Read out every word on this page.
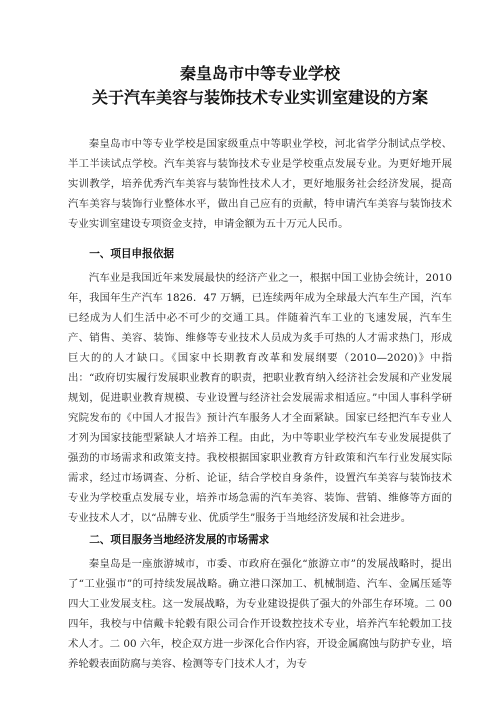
秦皇岛市中等专业学校
关于汽车美容与装饰技术专业实训室建设的方案

秦皇岛市中等专业学校是国家级重点中等职业学校，河北省学分制试点学校、半工半读试点学校。汽车美容与装饰技术专业是学校重点发展专业。为更好地开展实训教学，培养优秀汽车美容与装饰性技术人才，更好地服务社会经济发展，提高汽车美容与装饰行业整体水平，做出自己应有的贡献，特申请汽车美容与装饰技术专业实训室建设专项资金支持，申请金额为五十万元人民币。

一、项目申报依据

汽车业是我国近年来发展最快的经济产业之一，根据中国工业协会统计，2010 年，我国年生产汽车 1826．47 万辆，已连续两年成为全球最大汽车生产国，汽车已经成为人们生活中必不可少的交通工具。伴随着汽车工业的飞速发展，汽车生产、销售、美容、装饰、维修等专业技术人员成为炙手可热的人才需求热门，形成巨大的的人才缺口。《国家中长期教育改革和发展纲要（2010—2020)》中指出：“政府切实履行发展职业教育的职责，把职业教育纳入经济社会发展和产业发展规划，促进职业教育规模、专业设置与经济社会发展需求相适应。”中国人事科学研究院发布的《中国人才报告》预计汽车服务人才全面紧缺。国家已经把汽车专业人才列为国家技能型紧缺人才培养工程。由此，为中等职业学校汽车专业发展提供了强劲的市场需求和政策支持。我校根据国家职业教育方针政策和汽车行业发展实际需求，经过市场调查、分析、论证，结合学校自身条件，设置汽车美容与装饰技术专业为学校重点发展专业，培养市场急需的汽车美容、装饰、营销、维修等方面的专业技术人才，以“品牌专业、优质学生”服务于当地经济发展和社会进步。

二、项目服务当地经济发展的市场需求

秦皇岛是一座旅游城市，市委、市政府在强化“旅游立市”的发展战略时，提出了“工业强市”的可持续发展战略。确立港口深加工、机械制造、汽车、金属压延等四大工业发展支柱。这一发展战略，为专业建设提供了强大的外部生存环境。二 00 四年，我校与中信戴卡轮毂有限公司合作开设数控技术专业，培养汽车轮毂加工技术人才。二 00 六年，校企双方进一步深化合作内容，开设金属腐蚀与防护专业，培养轮毂表面防腐与美容、检测等专门技术人才，为专
